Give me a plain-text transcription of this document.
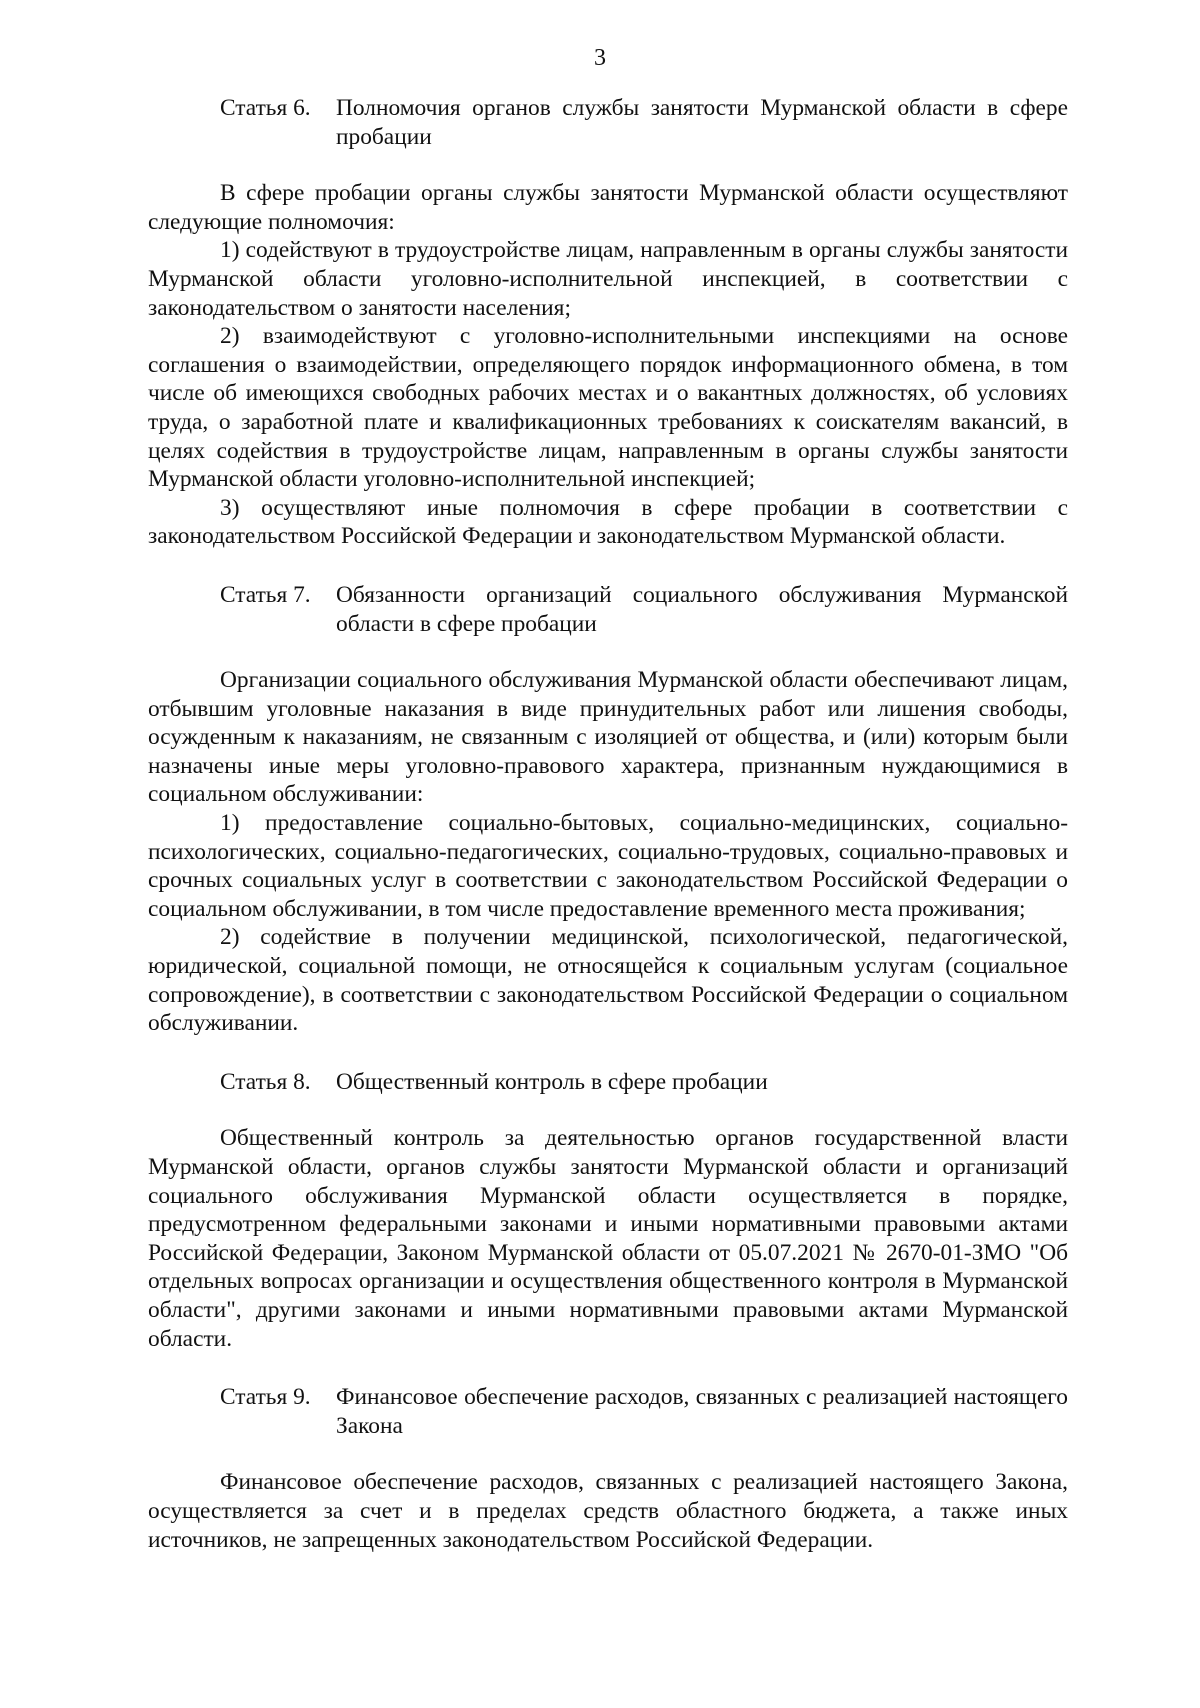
3
Статья 6.	Полномочия органов службы занятости Мурманской области в сфере пробации

В сфере пробации органы службы занятости Мурманской области осуществляют следующие полномочия:

1) содействуют в трудоустройстве лицам, направленным в органы службы занятости Мурманской области уголовно-исполнительной инспекцией, в соответствии с законодательством о занятости населения;

2) взаимодействуют с уголовно-исполнительными инспекциями на основе соглашения о взаимодействии, определяющего порядок информационного обмена, в том числе об имеющихся свободных рабочих местах и о вакантных должностях, об условиях труда, о заработной плате и квалификационных требованиях к соискателям вакансий, в целях содействия в трудоустройстве лицам, направленным в органы службы занятости Мурманской области уголовно-исполнительной инспекцией;

3) осуществляют иные полномочия в сфере пробации в соответствии с законодательством Российской Федерации и законодательством Мурманской области.

Статья 7.	Обязанности организаций социального обслуживания Мурманской области в сфере пробации

Организации социального обслуживания Мурманской области обеспечивают лицам, отбывшим уголовные наказания в виде принудительных работ или лишения свободы, осужденным к наказаниям, не связанным с изоляцией от общества, и (или) которым были назначены иные меры уголовно-правового характера, признанным нуждающимися в социальном обслуживании:

1) предоставление социально-бытовых, социально-медицинских, социально-психологических, социально-педагогических, социально-трудовых, социально-правовых и срочных социальных услуг в соответствии с законодательством Российской Федерации о социальном обслуживании, в том числе предоставление временного места проживания;

2) содействие в получении медицинской, психологической, педагогической, юридической, социальной помощи, не относящейся к социальным услугам (социальное сопровождение), в соответствии с законодательством Российской Федерации о социальном обслуживании.

Статья 8.	Общественный контроль в сфере пробации

Общественный контроль за деятельностью органов государственной власти Мурманской области, органов службы занятости Мурманской области и организаций социального обслуживания Мурманской области осуществляется в порядке, предусмотренном федеральными законами и иными нормативными правовыми актами Российской Федерации, Законом Мурманской области от 05.07.2021 № 2670-01-ЗМО "Об отдельных вопросах организации и осуществления общественного контроля в Мурманской области", другими законами и иными нормативными правовыми актами Мурманской области.

Статья 9.	Финансовое обеспечение расходов, связанных с реализацией настоящего Закона

Финансовое обеспечение расходов, связанных с реализацией настоящего Закона, осуществляется за счет и в пределах средств областного бюджета, а также иных источников, не запрещенных законодательством Российской Федерации.
